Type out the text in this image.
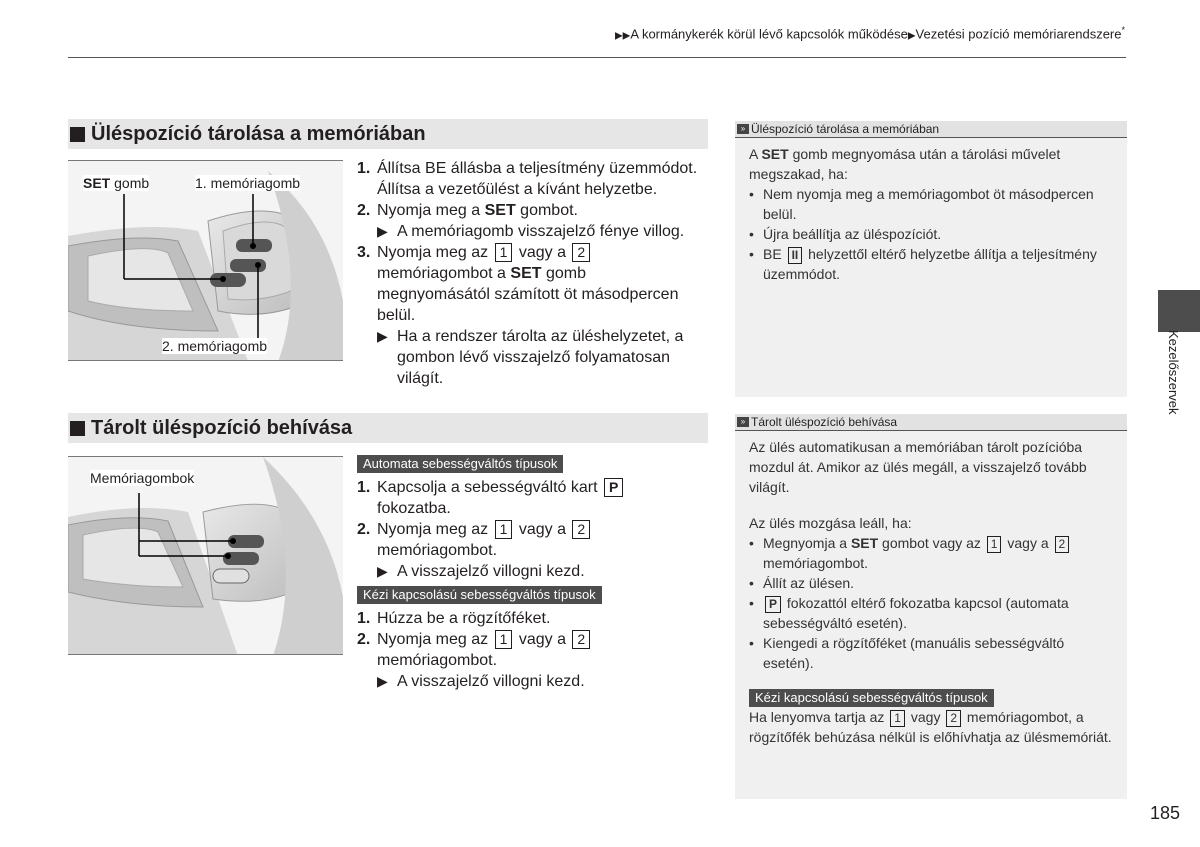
▶▶A kormánykerék körül lévő kapcsolók működése▶Vezetési pozíció memóriarendszere*
Üléspozíció tárolása a memóriában
SET gomb	1. memóriagomb
2. memóriagomb
1. Állítsa BE állásba a teljesítmény üzemmódot. Állítsa a vezetőülést a kívánt helyzetbe.
2. Nyomja meg a SET gombot.
▶ A memóriagomb visszajelző fénye villog.
3. Nyomja meg az 1 vagy a 2 memóriagombot a SET gomb megnyomásától számított öt másodpercen belül.
▶ Ha a rendszer tárolta az üléshelyzetet, a gombon lévő visszajelző folyamatosan világít.
Tárolt üléspozíció behívása
Memóriagombok
Automata sebességváltós típusok
1. Kapcsolja a sebességváltó kart P fokozatba.
2. Nyomja meg az 1 vagy a 2
memóriagombot.
▶ A visszajelző villogni kezd.
Kézi kapcsolású sebességváltós típusok
1. Húzza be a rögzítőféket.
2. Nyomja meg az 1 vagy a 2
memóriagombot.
▶ A visszajelző villogni kezd.
» Üléspozíció tárolása a memóriában
A SET gomb megnyomása után a tárolási művelet megszakad, ha:
• Nem nyomja meg a memóriagombot öt másodpercen belül.
• Újra beállítja az üléspozíciót.
• BE II helyzettől eltérő helyzetbe állítja a teljesítmény üzemmódot.
» Tárolt üléspozíció behívása
Az ülés automatikusan a memóriában tárolt pozícióba mozdul át. Amikor az ülés megáll, a visszajelző tovább világít.
Az ülés mozgása leáll, ha:
• Megnyomja a SET gombot vagy az 1 vagy a 2 memóriagombot.
• Állít az ülésen.
•	P fokozattól eltérő fokozatba kapcsol (automata sebességváltó esetén).
• Kiengedi a rögzítőféket (manuális sebességváltó esetén).
Kézi kapcsolású sebességváltós típusok
Ha lenyomva tartja az 1 vagy 2 memóriagombot, a rögzítőfék behúzása nélkül is előhívhatja az ülésmemóriát.
Kezelőszervek
185
